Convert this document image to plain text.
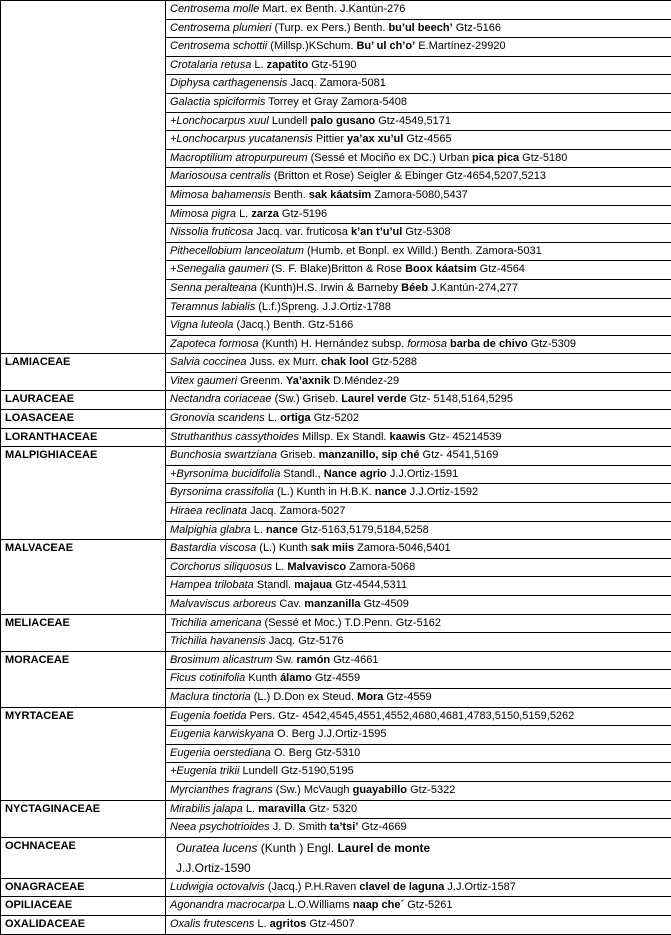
	Centrosema molle Mart. ex Benth. J.Kantún-276
	Centrosema plumieri (Turp. ex Pers.) Benth. bu’ul beech’ Gtz-5166
	Centrosema schottii (Millsp.)KSchum. Bu’ ul ch’o’ E.Martínez-29920
	Crotalaria retusa L. zapatito Gtz-5190
	Diphysa carthagenensis Jacq. Zamora-5081
	Galactia spiciformis Torrey et Gray Zamora-5408
	+Lonchocarpus xuul Lundell palo gusano Gtz-4549,5171
	+Lonchocarpus yucatanensis Pittier ya’ax xu’ul Gtz-4565
	Macroptilium atropurpureum (Sessé et Mociño ex DC.) Urban pica pica Gtz-5180
	Mariosousa centralis (Britton et Rose) Seigler & Ebinger Gtz-4654,5207,5213
	Mimosa bahamensis Benth. sak káatsim Zamora-5080,5437
	Mimosa pigra L. zarza Gtz-5196
	Nissolia fruticosa Jacq. var. fruticosa k’an t’u’ul Gtz-5308
	Pithecellobium lanceolatum (Humb. et Bonpl. ex Willd.) Benth. Zamora-5031
	+Senegalia gaumeri (S. F. Blake)Britton & Rose Boox káatsim Gtz-4564
	Senna peralteana (Kunth)H.S. Irwin & Barneby Béeb J.Kantún-274,277
	Teramnus labialis (L.f.)Spreng. J.J.Ortiz-1788
	Vigna luteola (Jacq.) Benth. Gtz-5166
	Zapoteca formosa (Kunth) H. Hernández subsp. formosa barba de chivo Gtz-5309
LAMIACEAE	Salvia coccinea Juss. ex Murr. chak lool Gtz-5288
	Vitex gaumeri Greenm. Ya’axnik D.Méndez-29
LAURACEAE	Nectandra coriaceae (Sw.) Griseb. Laurel verde Gtz- 5148,5164,5295
LOASACEAE	Gronovia scandens L. ortiga Gtz-5202
LORANTHACEAE	Struthanthus cassythoides Millsp. Ex Standl. kaawis Gtz- 45214539
MALPIGHIACEAE	Bunchosia swartziana Griseb. manzanillo, sip ché Gtz- 4541,5169
	+Byrsonima bucidifolia Standl., Nance agrio J.J.Ortiz-1591
	Byrsonima crassifolia (L.) Kunth in H.B.K. nance J.J.Ortiz-1592
	Hiraea reclinata Jacq. Zamora-5027
	Malpighia glabra L. nance Gtz-5163,5179,5184,5258
MALVACEAE	Bastardia viscosa (L.) Kunth sak miis Zamora-5046,5401
	Corchorus siliquosus L. Malvavisco Zamora-5068
	Hampea trilobata Standl. majaua Gtz-4544,5311
	Malvaviscus arboreus Cav. manzanilla Gtz-4509
MELIACEAE	Trichilia americana (Sessé et Moc.) T.D.Penn. Gtz-5162
	Trichilia havanensis Jacq. Gtz-5176
MORACEAE	Brosimum alicastrum Sw. ramón Gtz-4661
	Ficus cotinifolia Kunth álamo Gtz-4559
	Maclura tinctoria (L.) D.Don ex Steud. Mora Gtz-4559
MYRTACEAE	Eugenia foetida Pers. Gtz- 4542,4545,4551,4552,4680,4681,4783,5150,5159,5262
	Eugenia karwiskyana O. Berg J.J.Ortiz-1595
	Eugenia oerstediana O. Berg Gtz-5310
	+Eugenia trikii Lundell Gtz-5190,5195
	Myrcianthes fragrans (Sw.) McVaugh guayabillo Gtz-5322
NYCTAGINACEAE	Mirabilis jalapa L. maravilla Gtz- 5320
	Neea psychotrioides J. D. Smith ta’tsi’ Gtz-4669
OCHNACEAE	Ouratea lucens (Kunth ) Engl. Laurel de monte
J.J.Ortiz-1590
ONAGRACEAE	Ludwigia octovalvis (Jacq.) P.H.Raven clavel de laguna J.J.Ortiz-1587
OPILIACEAE	Agonandra macrocarpa L.O.Williams naap che´ Gtz-5261
OXALIDACEAE	Oxalis frutescens L. agritos Gtz-4507
